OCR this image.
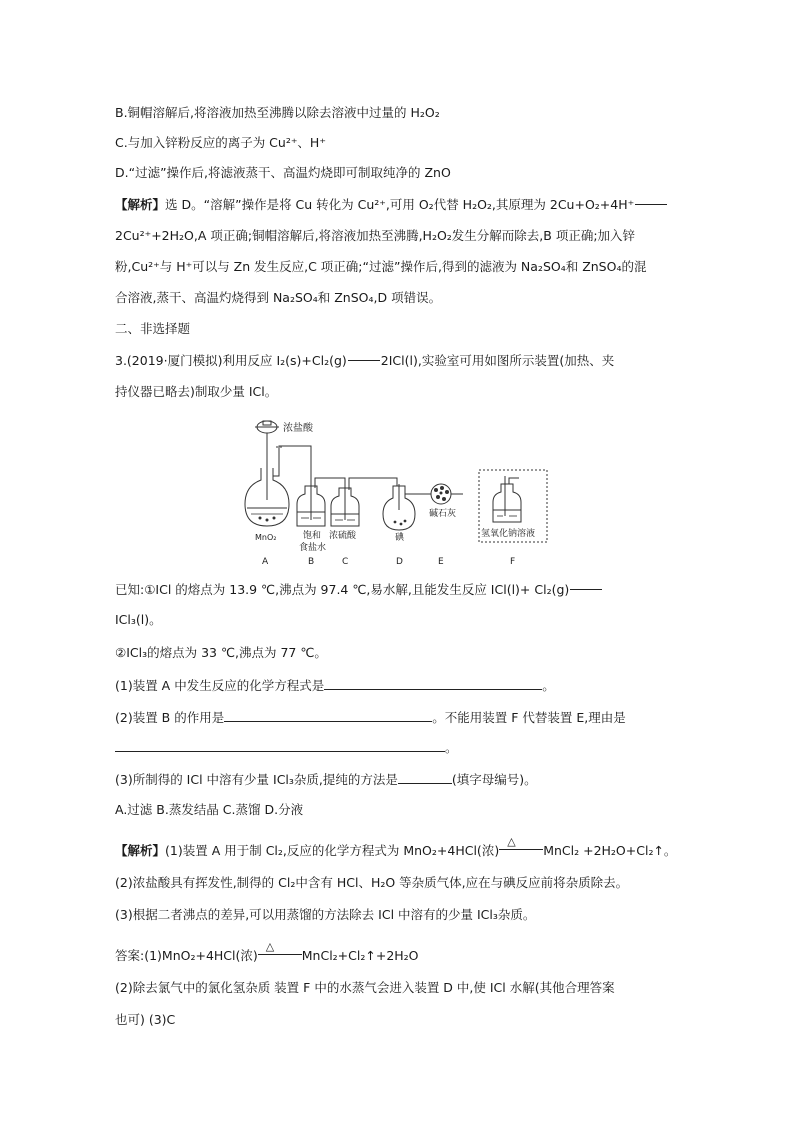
B.铜帽溶解后,将溶液加热至沸腾以除去溶液中过量的 H₂O₂
C.与加入锌粉反应的离子为 Cu²⁺、H⁺
D.“过滤”操作后,将滤液蒸干、高温灼烧即可制取纯净的 ZnO
【解析】选 D。“溶解”操作是将 Cu 转化为 Cu²⁺,可用 O₂代替 H₂O₂,其原理为 2Cu+O₂+4H⁺
2Cu²⁺+2H₂O,A 项正确;铜帽溶解后,将溶液加热至沸腾,H₂O₂发生分解而除去,B 项正确;加入锌
粉,Cu²⁺与 H⁺可以与 Zn 发生反应,C 项正确;“过滤”操作后,得到的滤液为 Na₂SO₄和 ZnSO₄的混
合溶液,蒸干、高温灼烧得到 Na₂SO₄和 ZnSO₄,D 项错误。
二、非选择题
3.(2019·厦门模拟)利用反应 I₂(s)+Cl₂(g)	2ICl(l),实验室可用如图所示装置(加热、夹
持仪器已略去)制取少量 ICl。
浓盐酸
MnO₂	饱和
食盐水
浓硫酸	碘
碱石灰
氢氧化钠溶液
A	B	C	D	E	F
已知:①ICl 的熔点为 13.9 ℃,沸点为 97.4 ℃,易水解,且能发生反应 ICl(l)+ Cl₂(g)
ICl₃(l)。
②ICl₃的熔点为 33 ℃,沸点为 77 ℃。
(1)装置 A 中发生反应的化学方程式是	。
(2)装置 B 的作用是	。不能用装置 F 代替装置 E,理由是
。
(3)所制得的 ICl 中溶有少量 ICl₃杂质,提纯的方法是	(填字母编号)。
A.过滤 B.蒸发结晶 C.蒸馏 D.分液
【解析】(1)装置 A 用于制 Cl₂,反应的化学方程式为 MnO₂+4HCl(浓)
△
MnCl₂ +2H₂O+Cl₂↑。
(2)浓盐酸具有挥发性,制得的 Cl₂中含有 HCl、H₂O 等杂质气体,应在与碘反应前将杂质除去。
(3)根据二者沸点的差异,可以用蒸馏的方法除去 ICl 中溶有的少量 ICl₃杂质。
答案:(1)MnO₂+4HCl(浓)
△
MnCl₂+Cl₂↑+2H₂O
(2)除去氯气中的氯化氢杂质 装置 F 中的水蒸气会进入装置 D 中,使 ICl 水解(其他合理答案
也可) (3)C
